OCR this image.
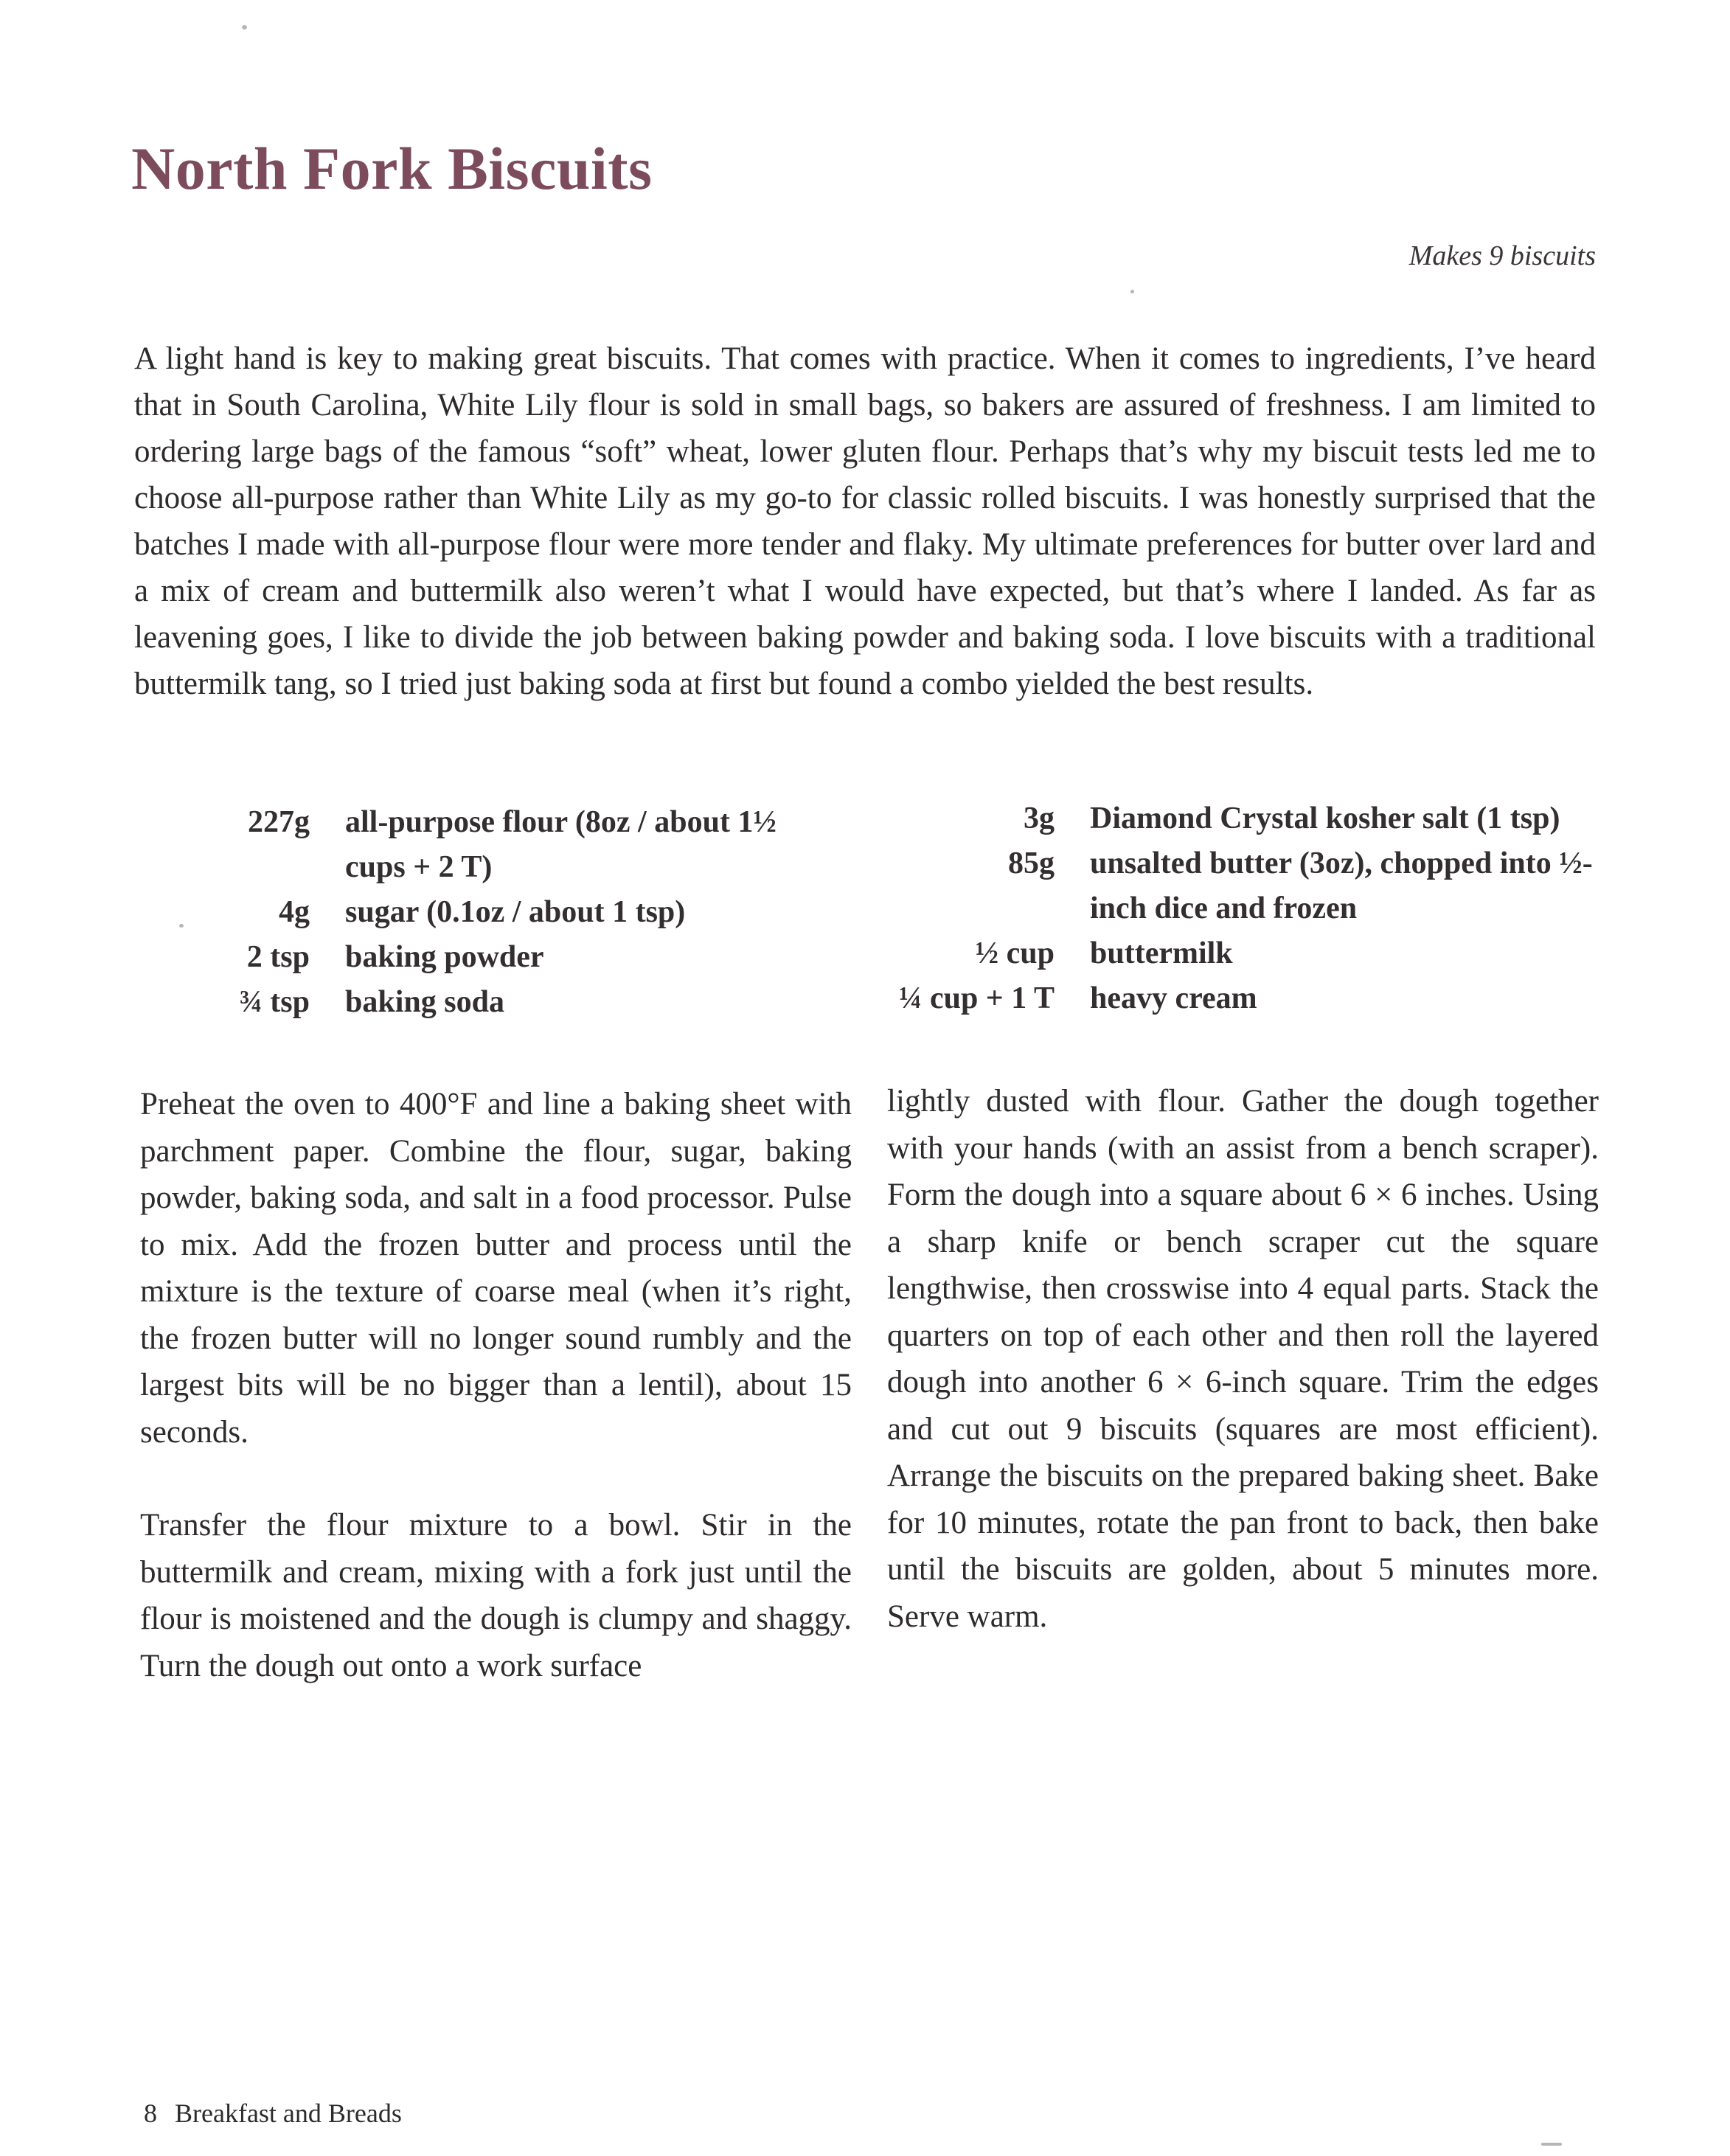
North Fork Biscuits
Makes 9 biscuits

A light hand is key to making great biscuits. That comes with practice. When it comes to ingredients, I’ve heard that in South Carolina, White Lily flour is sold in small bags, so bakers are assured of freshness. I am limited to ordering large bags of the famous “soft” wheat, lower gluten flour. Perhaps that’s why my biscuit tests led me to choose all-purpose rather than White Lily as my go-to for classic rolled biscuits. I was honestly surprised that the batches I made with all-purpose flour were more tender and flaky. My ultimate preferences for butter over lard and a mix of cream and buttermilk also weren’t what I would have expected, but that’s where I landed. As far as leavening goes, I like to divide the job between baking powder and baking soda. I love biscuits with a traditional buttermilk tang, so I tried just baking soda at first but found a combo yielded the best results.

227g	all-purpose flour (8oz / about 1½ cups + 2 T)
4g	sugar (0.1oz / about 1 tsp)
2 tsp	baking powder
¾ tsp	baking soda
3g	Diamond Crystal kosher salt (1 tsp)
85g	unsalted butter (3oz), chopped into ½-inch dice and frozen
½ cup	buttermilk
¼ cup + 1 T	heavy cream

Preheat the oven to 400°F and line a baking sheet with parchment paper. Combine the flour, sugar, baking powder, baking soda, and salt in a food processor. Pulse to mix. Add the frozen butter and process until the mixture is the texture of coarse meal (when it’s right, the frozen butter will no longer sound rumbly and the largest bits will be no bigger than a lentil), about 15 seconds.

Transfer the flour mixture to a bowl. Stir in the buttermilk and cream, mixing with a fork just until the flour is moistened and the dough is clumpy and shaggy. Turn the dough out onto a work surface

lightly dusted with flour. Gather the dough together with your hands (with an assist from a bench scraper). Form the dough into a square about 6 × 6 inches. Using a sharp knife or bench scraper cut the square lengthwise, then crosswise into 4 equal parts. Stack the quarters on top of each other and then roll the layered dough into another 6 × 6-inch square. Trim the edges and cut out 9 biscuits (squares are most efficient). Arrange the biscuits on the prepared baking sheet. Bake for 10 minutes, rotate the pan front to back, then bake until the biscuits are golden, about 5 minutes more. Serve warm.

8 Breakfast and Breads
